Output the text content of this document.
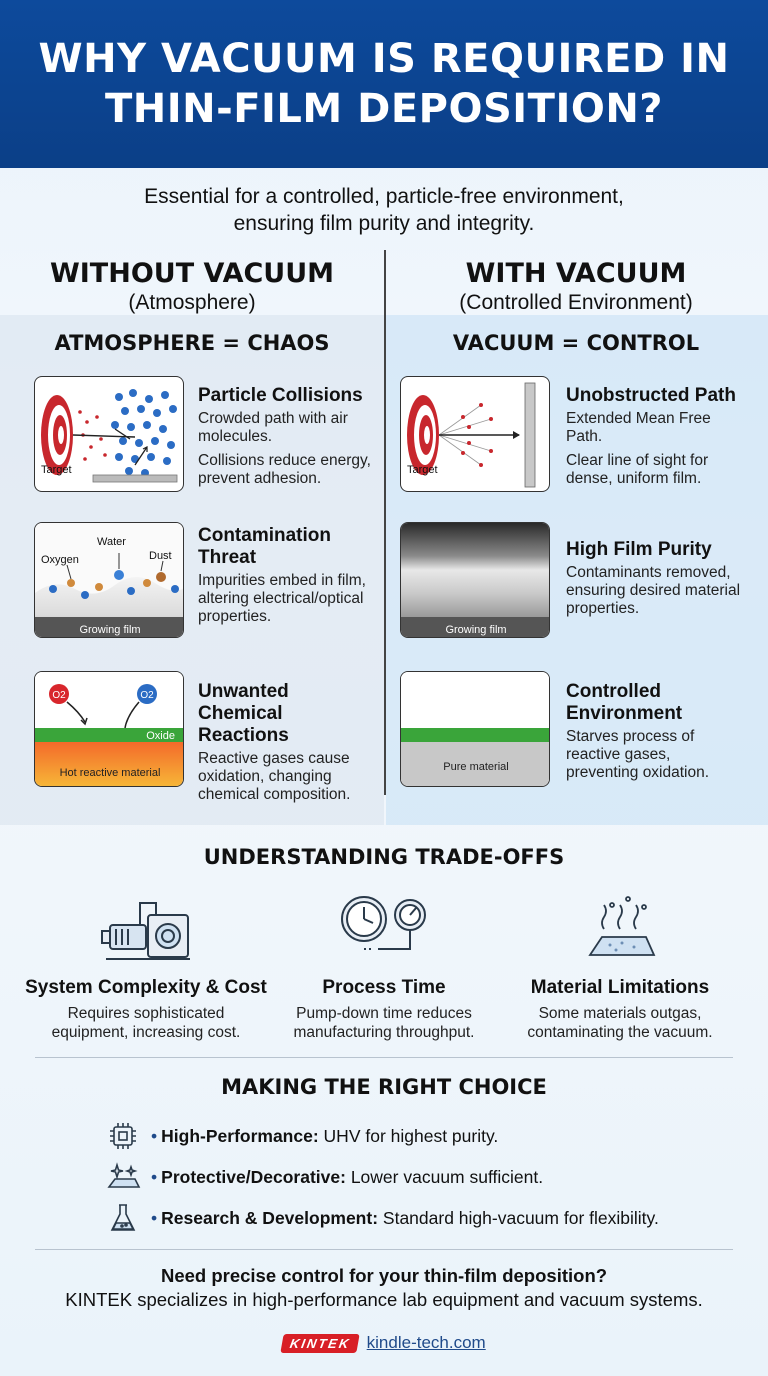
WHY VACUUM IS REQUIRED IN THIN-FILM DEPOSITION?
Essential for a controlled, particle-free environment,
ensuring film purity and integrity.
WITHOUT VACUUM
(Atmosphere)
WITH VACUUM
(Controlled Environment)
ATMOSPHERE = CHAOS
Target
Particle Collisions

Crowded path with air molecules.

Collisions reduce energy, prevent adhesion.

Oxygen
Water
Dust
Growing film
Contamination Threat

Impurities embed in film, altering electrical/optical properties.

O2	O2
Oxide
Hot reactive material
Unwanted Chemical Reactions

Reactive gases cause oxidation, changing chemical composition.

VACUUM = CONTROL
Target
Unobstructed Path

Extended Mean Free Path.

Clear line of sight for dense, uniform film.

Growing film
High Film Purity

Contaminants removed, ensuring desired material properties.

Pure material
Controlled Environment

Starves process of reactive gases, preventing oxidation.

UNDERSTANDING TRADE-OFFS
System Complexity & Cost

Requires sophisticated

equipment, increasing cost.

Process Time

Pump-down time reduces

manufacturing throughput.

Material Limitations

Some materials outgas,

contaminating the vacuum.

MAKING THE RIGHT CHOICE
• High-Performance:
UHV for highest purity.
• Protective/Decorative:
Lower vacuum sufficient.
• Research & Development:
Standard high-vacuum for flexibility.
Need precise control for your thin-film deposition?
KINTEK specializes in high-performance lab equipment and vacuum systems.
KINTEK kindle-tech.com
